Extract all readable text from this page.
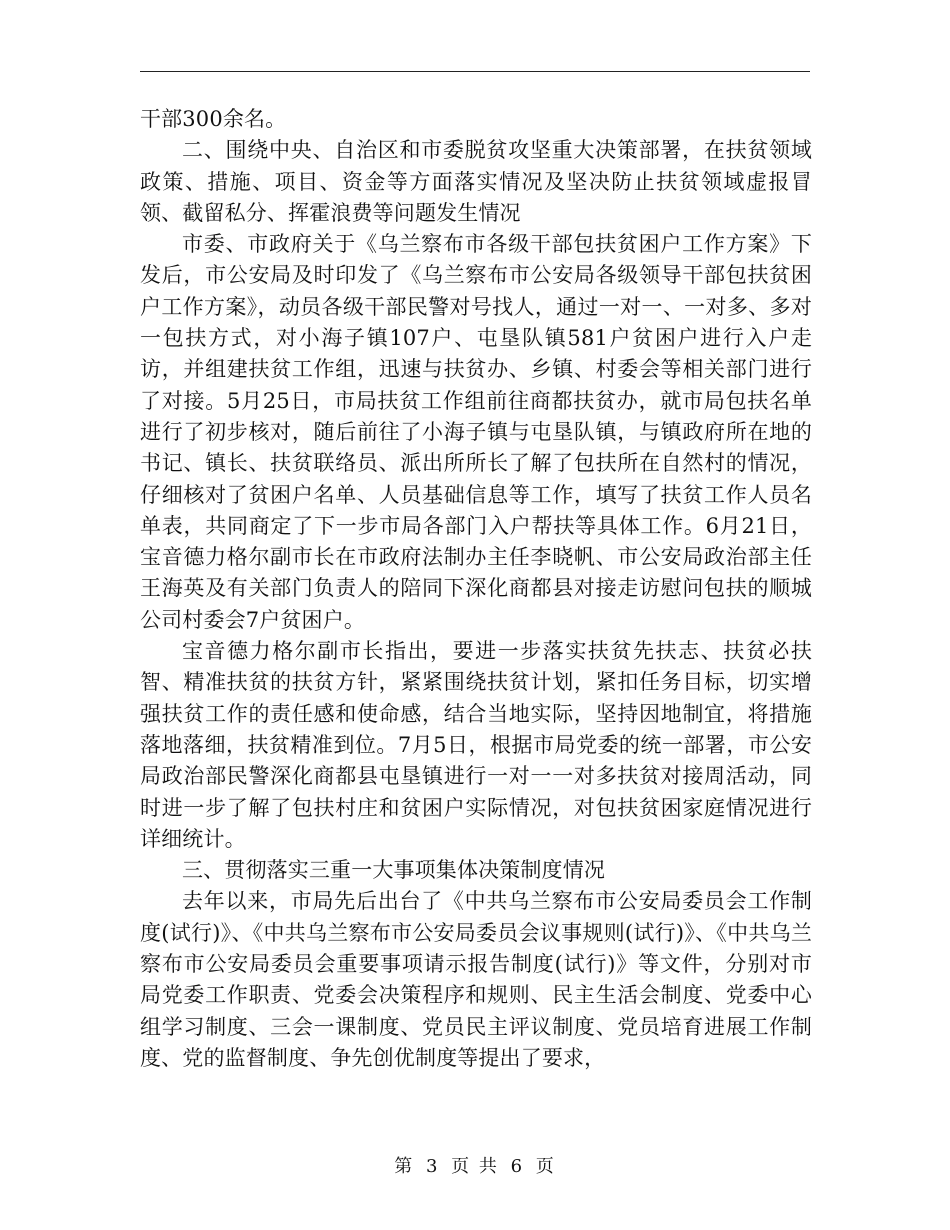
干部300余名。

二、围绕中央、自治区和市委脱贫攻坚重大决策部署，在扶贫领域政策、措施、项目、资金等方面落实情况及坚决防止扶贫领域虚报冒领、截留私分、挥霍浪费等问题发生情况

市委、市政府关于《乌兰察布市各级干部包扶贫困户工作方案》下发后，市公安局及时印发了《乌兰察布市公安局各级领导干部包扶贫困户工作方案》，动员各级干部民警对号找人，通过一对一、一对多、多对一包扶方式，对小海子镇107户、屯垦队镇581户贫困户进行入户走访，并组建扶贫工作组，迅速与扶贫办、乡镇、村委会等相关部门进行了对接。5月25日，市局扶贫工作组前往商都扶贫办，就市局包扶名单进行了初步核对，随后前往了小海子镇与屯垦队镇，与镇政府所在地的书记、镇长、扶贫联络员、派出所所长了解了包扶所在自然村的情况，仔细核对了贫困户名单、人员基础信息等工作，填写了扶贫工作人员名单表，共同商定了下一步市局各部门入户帮扶等具体工作。6月21日，宝音德力格尔副市长在市政府法制办主任李晓帆、市公安局政治部主任王海英及有关部门负责人的陪同下深化商都县对接走访慰问包扶的顺城公司村委会7户贫困户。

宝音德力格尔副市长指出，要进一步落实扶贫先扶志、扶贫必扶智、精准扶贫的扶贫方针，紧紧围绕扶贫计划，紧扣任务目标，切实增强扶贫工作的责任感和使命感，结合当地实际，坚持因地制宜，将措施落地落细，扶贫精准到位。7月5日，根据市局党委的统一部署，市公安局政治部民警深化商都县屯垦镇进行一对一一对多扶贫对接周活动，同时进一步了解了包扶村庄和贫困户实际情况，对包扶贫困家庭情况进行详细统计。

三、贯彻落实三重一大事项集体决策制度情况

去年以来，市局先后出台了《中共乌兰察布市公安局委员会工作制度(试行)》、《中共乌兰察布市公安局委员会议事规则(试行)》、《中共乌兰察布市公安局委员会重要事项请示报告制度(试行)》等文件，分别对市局党委工作职责、党委会决策程序和规则、民主生活会制度、党委中心组学习制度、三会一课制度、党员民主评议制度、党员培育进展工作制度、党的监督制度、争先创优制度等提出了要求，

第 3 页 共 6 页
